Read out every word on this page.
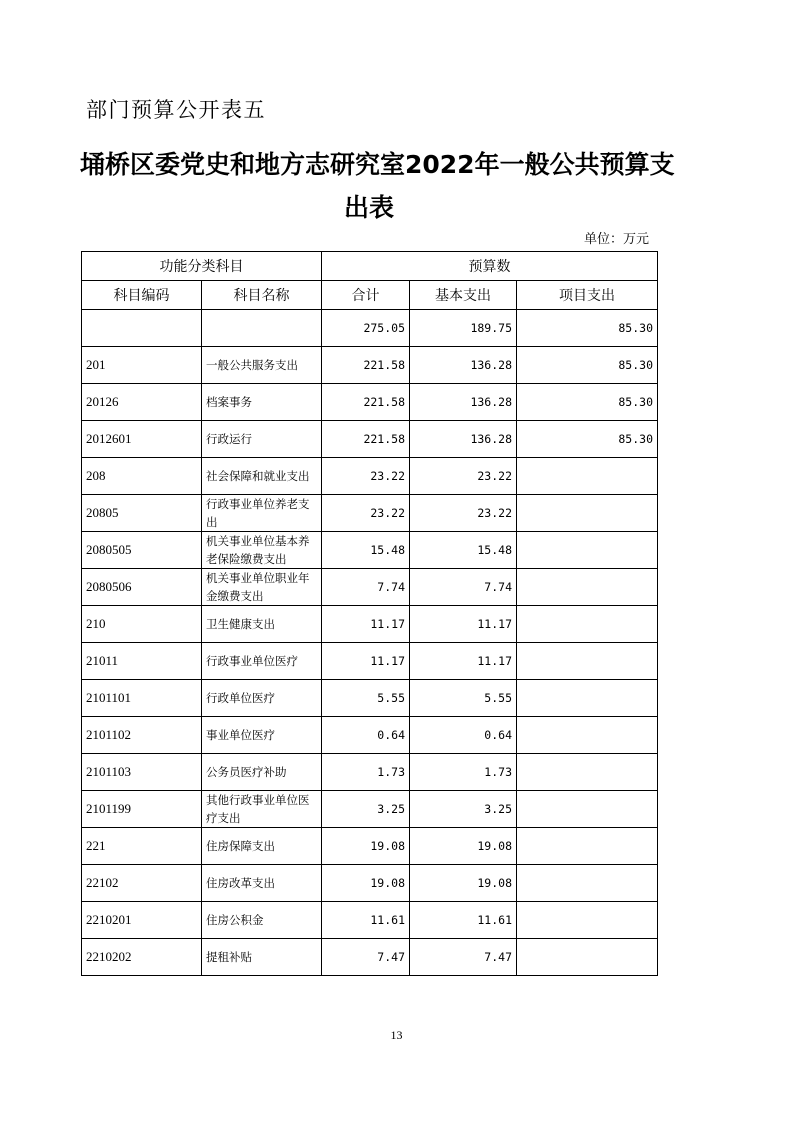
部门预算公开表五
埇桥区委党史和地方志研究室2022年一般公共预算支
出表
单位：万元
功能分类科目		预算数		
科目编码	科目名称	合计	基本支出	项目支出
		275.05	189.75	85.30
201	一般公共服务支出	221.58	136.28	85.30
20126	档案事务	221.58	136.28	85.30
2012601	行政运行	221.58	136.28	85.30
208	社会保障和就业支出	23.22	23.22	
20805	行政事业单位养老支出	23.22	23.22	
2080505	机关事业单位基本养老保险缴费支出	15.48	15.48	
2080506	机关事业单位职业年金缴费支出	7.74	7.74	
210	卫生健康支出	11.17	11.17	
21011	行政事业单位医疗	11.17	11.17	
2101101	行政单位医疗	5.55	5.55	
2101102	事业单位医疗	0.64	0.64	
2101103	公务员医疗补助	1.73	1.73	
2101199	其他行政事业单位医疗支出	3.25	3.25	
221	住房保障支出	19.08	19.08	
22102	住房改革支出	19.08	19.08	
2210201	住房公积金	11.61	11.61	
2210202	提租补贴	7.47	7.47	
13
